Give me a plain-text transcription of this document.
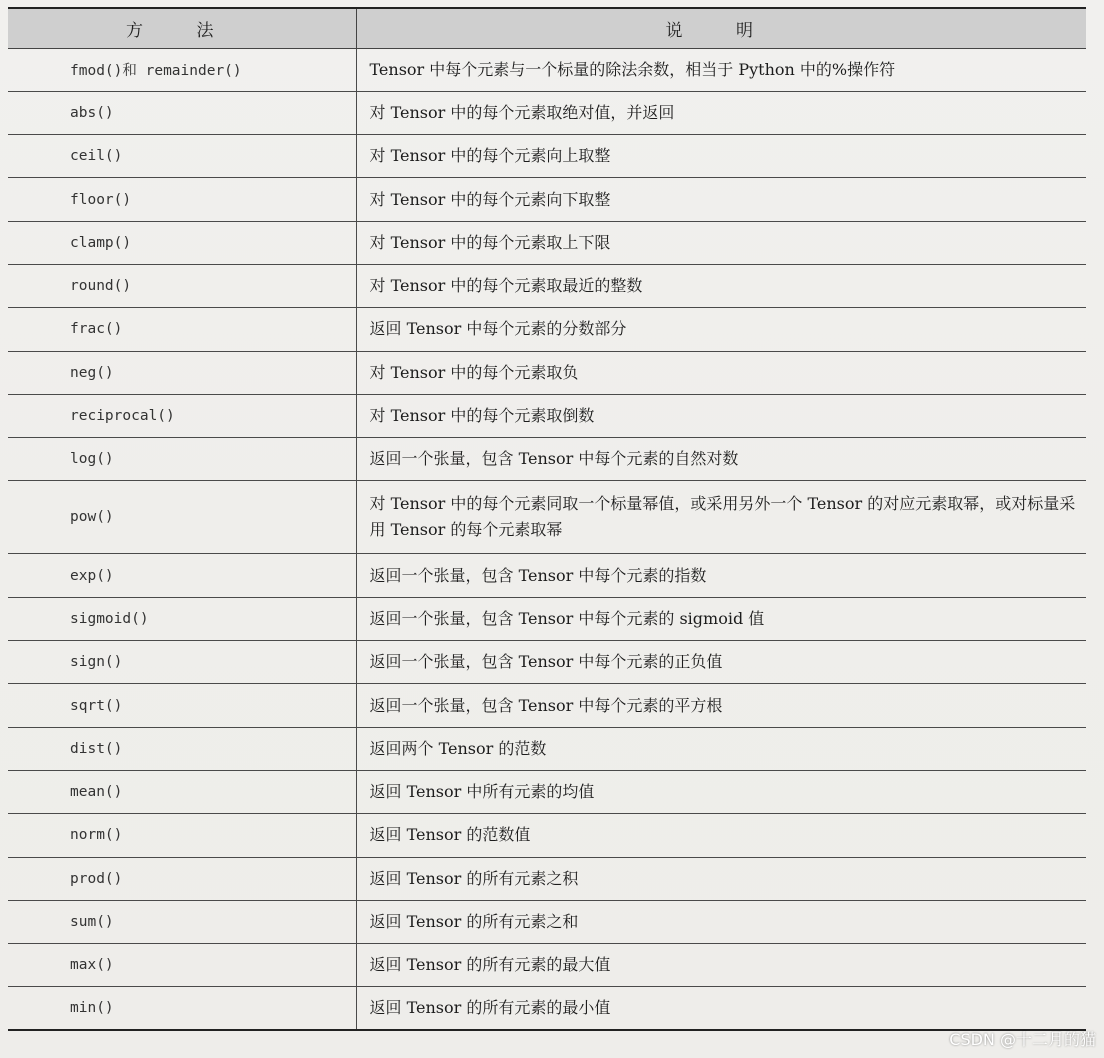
方 法	说 明
fmod()和 remainder()	Tensor 中每个元素与一个标量的除法余数，相当于 Python 中的%操作符
abs()	对 Tensor 中的每个元素取绝对值，并返回
ceil()	对 Tensor 中的每个元素向上取整
floor()	对 Tensor 中的每个元素向下取整
clamp()	对 Tensor 中的每个元素取上下限
round()	对 Tensor 中的每个元素取最近的整数
frac()	返回 Tensor 中每个元素的分数部分
neg()	对 Tensor 中的每个元素取负
reciprocal()	对 Tensor 中的每个元素取倒数
log()	返回一个张量，包含 Tensor 中每个元素的自然对数
pow()	对 Tensor 中的每个元素同取一个标量幂值，或采用另外一个 Tensor 的对应元素取幂，或对标量采用 Tensor 的每个元素取幂
exp()	返回一个张量，包含 Tensor 中每个元素的指数
sigmoid()	返回一个张量，包含 Tensor 中每个元素的 sigmoid 值
sign()	返回一个张量，包含 Tensor 中每个元素的正负值
sqrt()	返回一个张量，包含 Tensor 中每个元素的平方根
dist()	返回两个 Tensor 的范数
mean()	返回 Tensor 中所有元素的均值
norm()	返回 Tensor 的范数值
prod()	返回 Tensor 的所有元素之积
sum()	返回 Tensor 的所有元素之和
max()	返回 Tensor 的所有元素的最大值
min()	返回 Tensor 的所有元素的最小值
CSDN @十二月的猫
